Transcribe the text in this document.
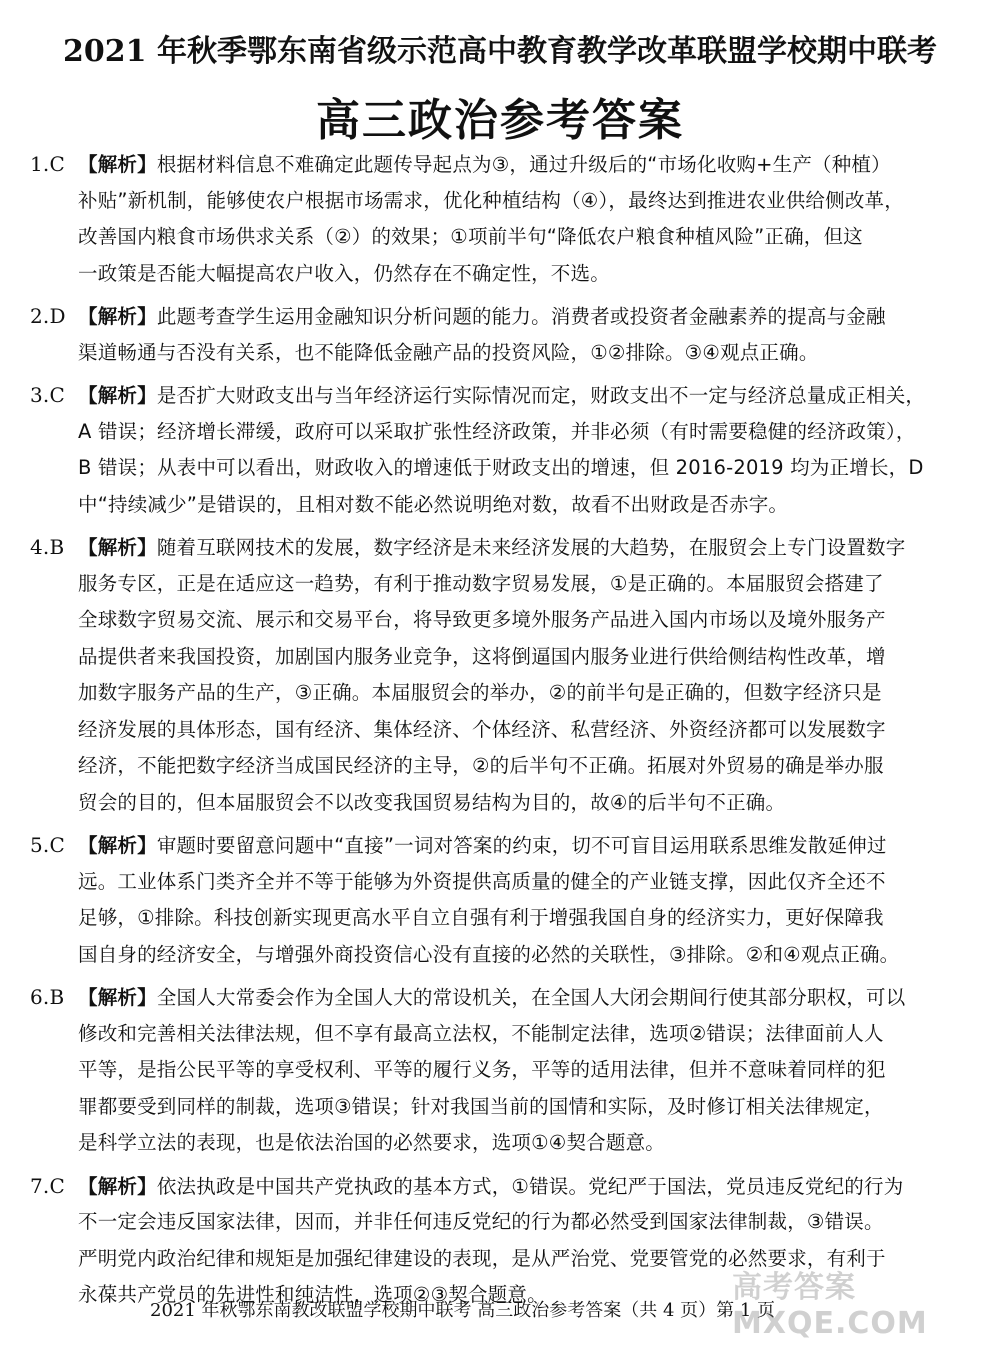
2021 年秋季鄂东南省级示范高中教育教学改革联盟学校期中联考
高三政治参考答案
1.C 【解析】根据材料信息不难确定此题传导起点为③，通过升级后的“市场化收购+生产（种植）
补贴”新机制，能够使农户根据市场需求，优化种植结构（④），最终达到推进农业供给侧改革，
改善国内粮食市场供求关系（②）的效果；①项前半句“降低农户粮食种植风险”正确，但这
一政策是否能大幅提高农户收入，仍然存在不确定性，不选。
2.D 【解析】此题考查学生运用金融知识分析问题的能力。消费者或投资者金融素养的提高与金融
渠道畅通与否没有关系，也不能降低金融产品的投资风险，①②排除。③④观点正确。
3.C 【解析】是否扩大财政支出与当年经济运行实际情况而定，财政支出不一定与经济总量成正相关，
A 错误；经济增长滞缓，政府可以采取扩张性经济政策，并非必须（有时需要稳健的经济政策），
B 错误；从表中可以看出，财政收入的增速低于财政支出的增速，但 2016-2019 均为正增长，D
中“持续减少”是错误的，且相对数不能必然说明绝对数，故看不出财政是否赤字。
4.B 【解析】随着互联网技术的发展，数字经济是未来经济发展的大趋势，在服贸会上专门设置数字
服务专区，正是在适应这一趋势，有利于推动数字贸易发展，①是正确的。本届服贸会搭建了
全球数字贸易交流、展示和交易平台，将导致更多境外服务产品进入国内市场以及境外服务产
品提供者来我国投资，加剧国内服务业竞争，这将倒逼国内服务业进行供给侧结构性改革，增
加数字服务产品的生产，③正确。本届服贸会的举办，②的前半句是正确的，但数字经济只是
经济发展的具体形态，国有经济、集体经济、个体经济、私营经济、外资经济都可以发展数字
经济，不能把数字经济当成国民经济的主导，②的后半句不正确。拓展对外贸易的确是举办服
贸会的目的，但本届服贸会不以改变我国贸易结构为目的，故④的后半句不正确。
5.C 【解析】审题时要留意问题中“直接”一词对答案的约束，切不可盲目运用联系思维发散延伸过
远。工业体系门类齐全并不等于能够为外资提供高质量的健全的产业链支撑，因此仅齐全还不
足够，①排除。科技创新实现更高水平自立自强有利于增强我国自身的经济实力，更好保障我
国自身的经济安全，与增强外商投资信心没有直接的必然的关联性，③排除。②和④观点正确。
6.B 【解析】全国人大常委会作为全国人大的常设机关，在全国人大闭会期间行使其部分职权，可以
修改和完善相关法律法规，但不享有最高立法权，不能制定法律，选项②错误；法律面前人人
平等，是指公民平等的享受权利、平等的履行义务，平等的适用法律，但并不意味着同样的犯
罪都要受到同样的制裁，选项③错误；针对我国当前的国情和实际，及时修订相关法律规定，
是科学立法的表现，也是依法治国的必然要求，选项①④契合题意。
7.C 【解析】依法执政是中国共产党执政的基本方式，①错误。党纪严于国法，党员违反党纪的行为
不一定会违反国家法律，因而，并非任何违反党纪的行为都必然受到国家法律制裁，③错误。
严明党内政治纪律和规矩是加强纪律建设的表现，是从严治党、党要管党的必然要求，有利于
永葆共产党员的先进性和纯洁性，选项②③契合题意。
2021 年秋鄂东南教改联盟学校期中联考 高三政治参考答案（共 4 页）第 1 页
高考答案 MXQE.COM
